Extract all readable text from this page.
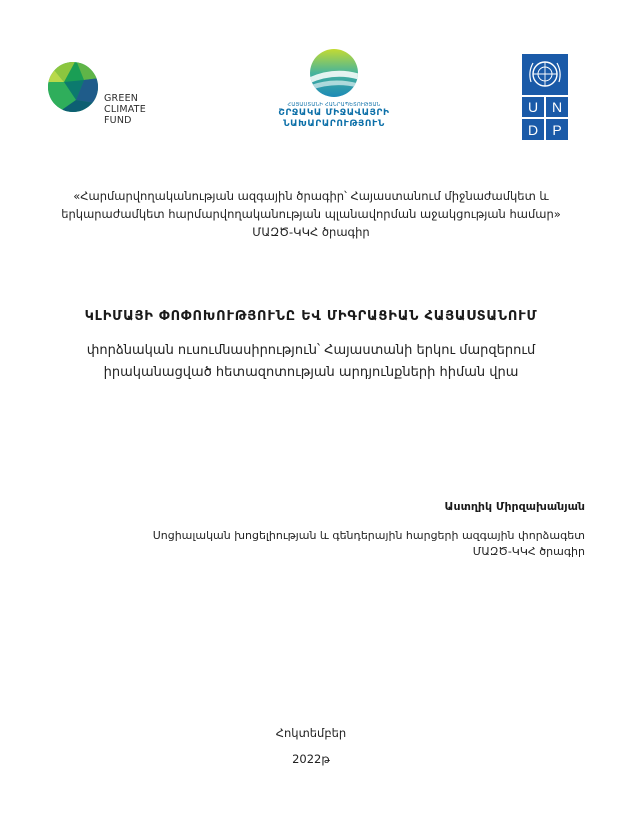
GREEN
CLIMATE
FUND
ՀԱՅԱՍՏԱՆԻ ՀԱՆՐԱՊԵՏՈՒԹՅԱՆ
ՇՐՋԱԿԱ ՄԻՋԱՎԱՅՐԻ
ՆԱԽԱՐԱՐՈՒԹՅՈՒՆ
U N
D P
«Հարմարվողականության ազգային ծրագիր՝ Հայաստանում միջնաժամկետ և
երկարաժամկետ հարմարվողականության պլանավորման աջակցության համար»
ՄԱԶԾ-ԿԿՀ ծրագիր
ԿԼԻՄԱՅԻ ՓՈՓՈԽՈՒԹՅՈՒՆԸ ԵՎ ՄԻԳՐԱՑԻԱՆ ՀԱՅԱՍՏԱՆՈՒՄ
փորձնական ուսումնասիրություն՝ Հայաստանի երկու մարզերում
իրականացված հետազոտության արդյունքների հիման վրա
Աստղիկ Միրզախանյան
Սոցիալական խոցելիության և գենդերային հարցերի ազգային փորձագետ
ՄԱԶԾ-ԿԿՀ ծրագիր
Հոկտեմբեր
2022թ
